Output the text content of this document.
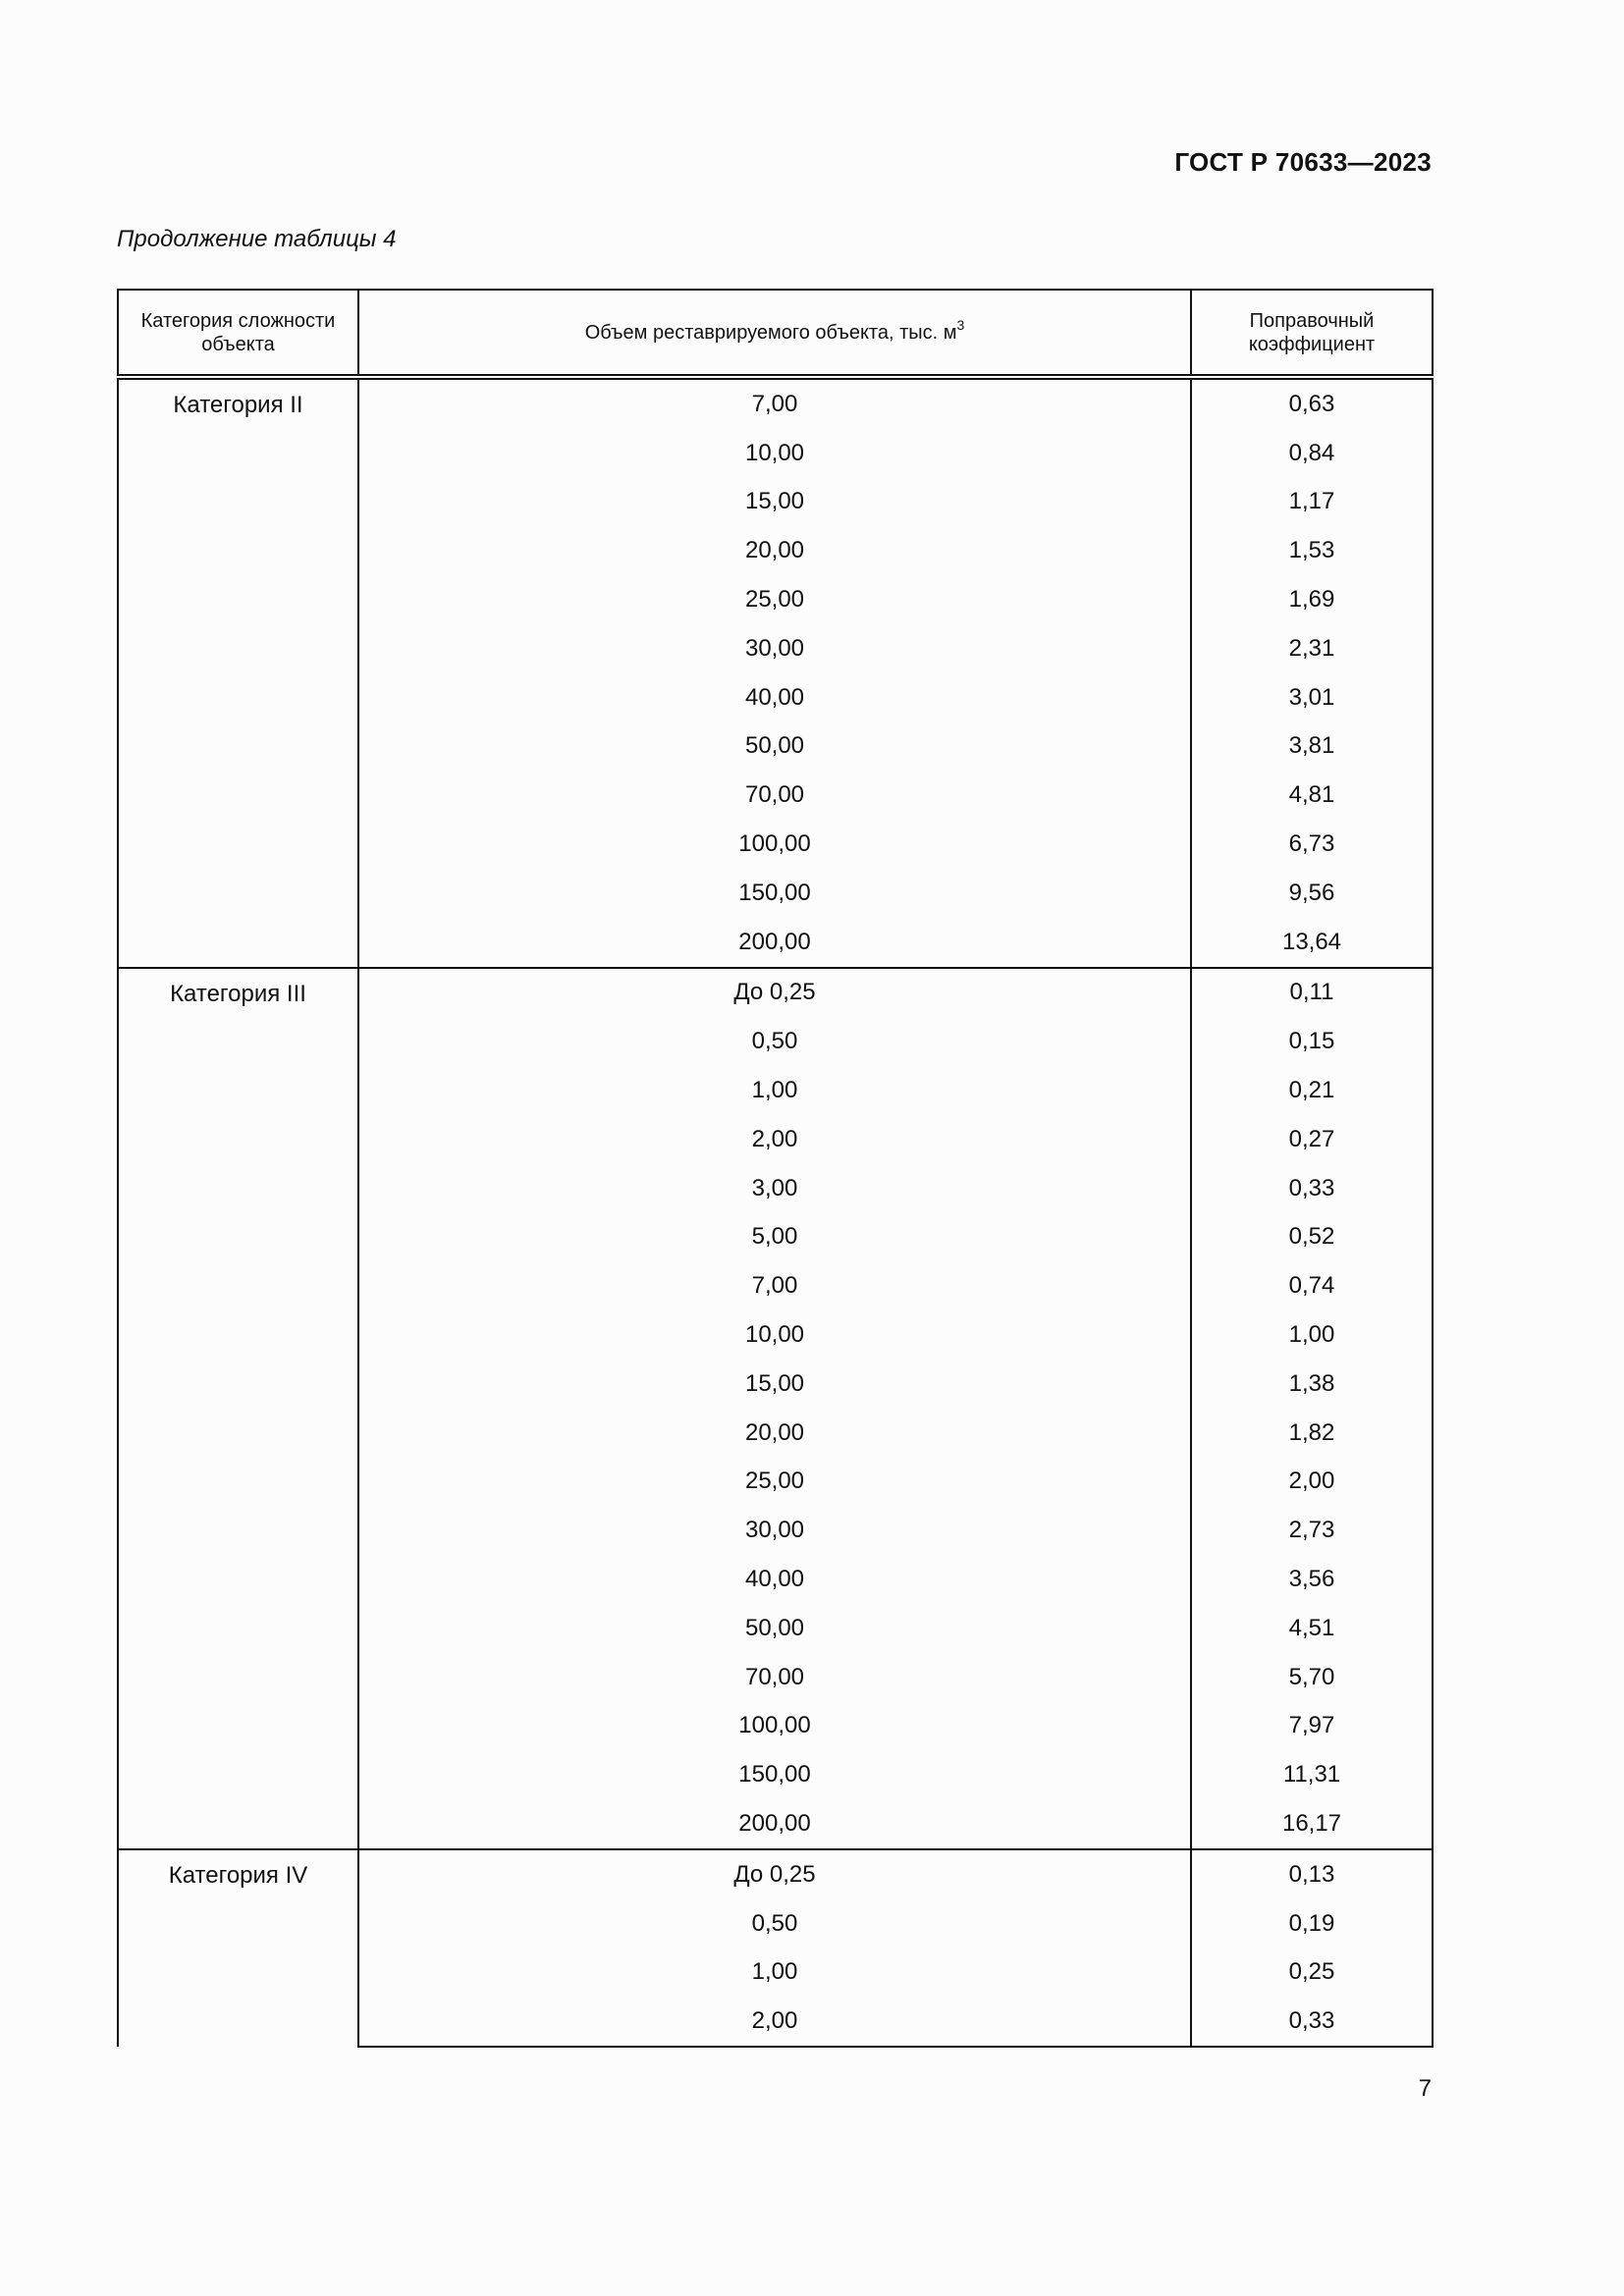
ГОСТ Р 70633—2023
Продолжение таблицы 4
Категория сложности объекта	Объем реставрируемого объекта, тыс. $м^3$	Поправочный коэффициент
Категория II	7,00	0,63
	10,00	0,84
	15,00	1,17
	20,00	1,53
	25,00	1,69
	30,00	2,31
	40,00	3,01
	50,00	3,81
	70,00	4,81
	100,00	6,73
	150,00	9,56
	200,00	13,64
Категория III	До 0,25	0,11
	0,50	0,15
	1,00	0,21
	2,00	0,27
	3,00	0,33
	5,00	0,52
	7,00	0,74
	10,00	1,00
	15,00	1,38
	20,00	1,82
	25,00	2,00
	30,00	2,73
	40,00	3,56
	50,00	4,51
	70,00	5,70
	100,00	7,97
	150,00	11,31
	200,00	16,17
Категория IV	До 0,25	0,13
	0,50	0,19
	1,00	0,25
	2,00	0,33
7
